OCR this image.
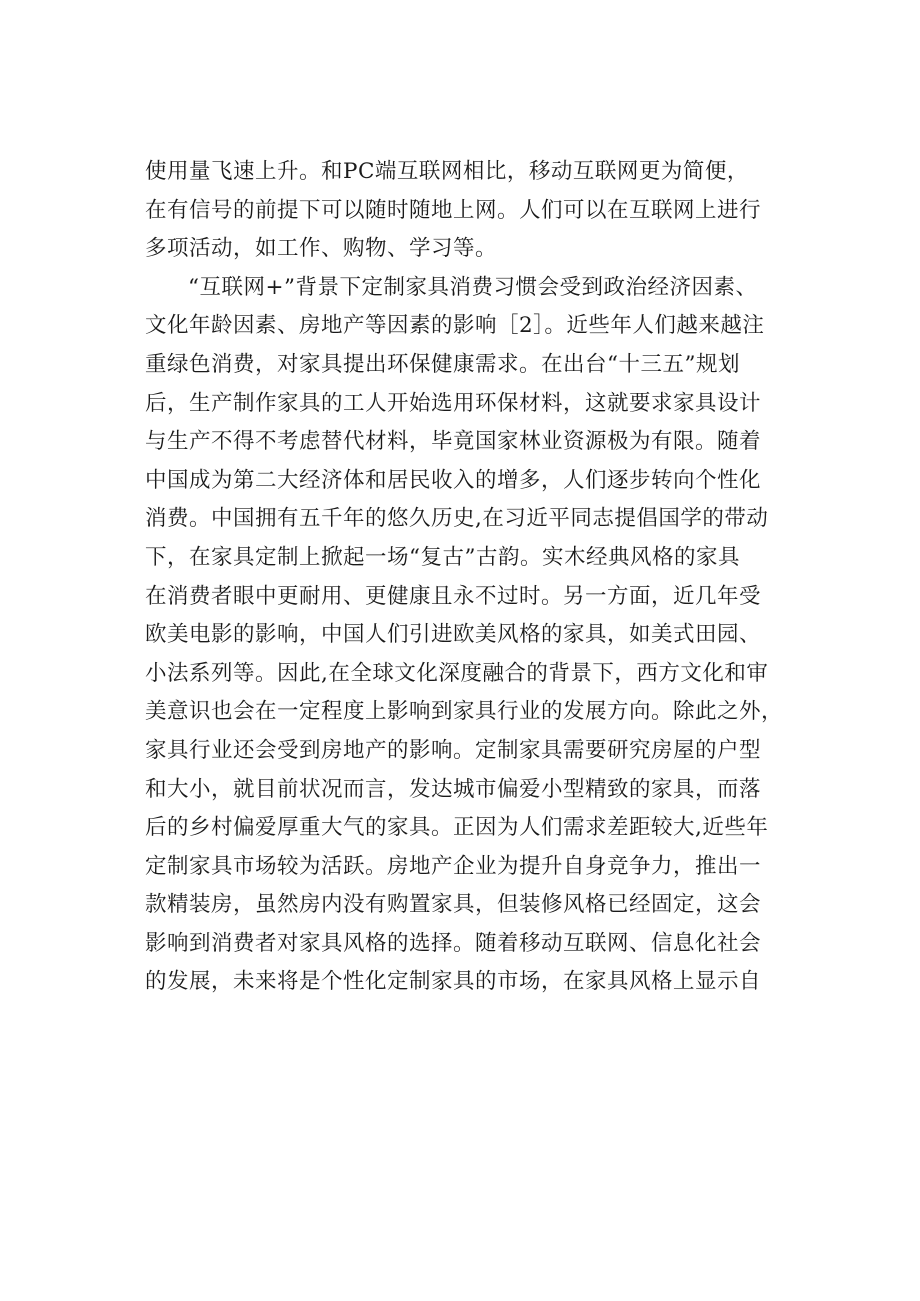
使用量飞速上升。和PC端互联网相比，移动互联网更为简便，
在有信号的前提下可以随时随地上网。人们可以在互联网上进行
多项活动，如工作、购物、学习等。
“互联网+”背景下定制家具消费习惯会受到政治经济因素、
文化年龄因素、房地产等因素的影响［2］。近些年人们越来越注
重绿色消费，对家具提出环保健康需求。在出台“十三五”规划
后，生产制作家具的工人开始选用环保材料，这就要求家具设计
与生产不得不考虑替代材料，毕竟国家林业资源极为有限。随着
中国成为第二大经济体和居民收入的增多，人们逐步转向个性化
消费。中国拥有五千年的悠久历史,在习近平同志提倡国学的带动
下，在家具定制上掀起一场“复古”古韵。实木经典风格的家具
在消费者眼中更耐用、更健康且永不过时。另一方面，近几年受
欧美电影的影响，中国人们引进欧美风格的家具，如美式田园、
小法系列等。因此,在全球文化深度融合的背景下，西方文化和审
美意识也会在一定程度上影响到家具行业的发展方向。除此之外，
家具行业还会受到房地产的影响。定制家具需要研究房屋的户型
和大小，就目前状况而言，发达城市偏爱小型精致的家具，而落
后的乡村偏爱厚重大气的家具。正因为人们需求差距较大,近些年
定制家具市场较为活跃。房地产企业为提升自身竞争力，推出一
款精装房，虽然房内没有购置家具，但装修风格已经固定，这会
影响到消费者对家具风格的选择。随着移动互联网、信息化社会
的发展，未来将是个性化定制家具的市场，在家具风格上显示自
